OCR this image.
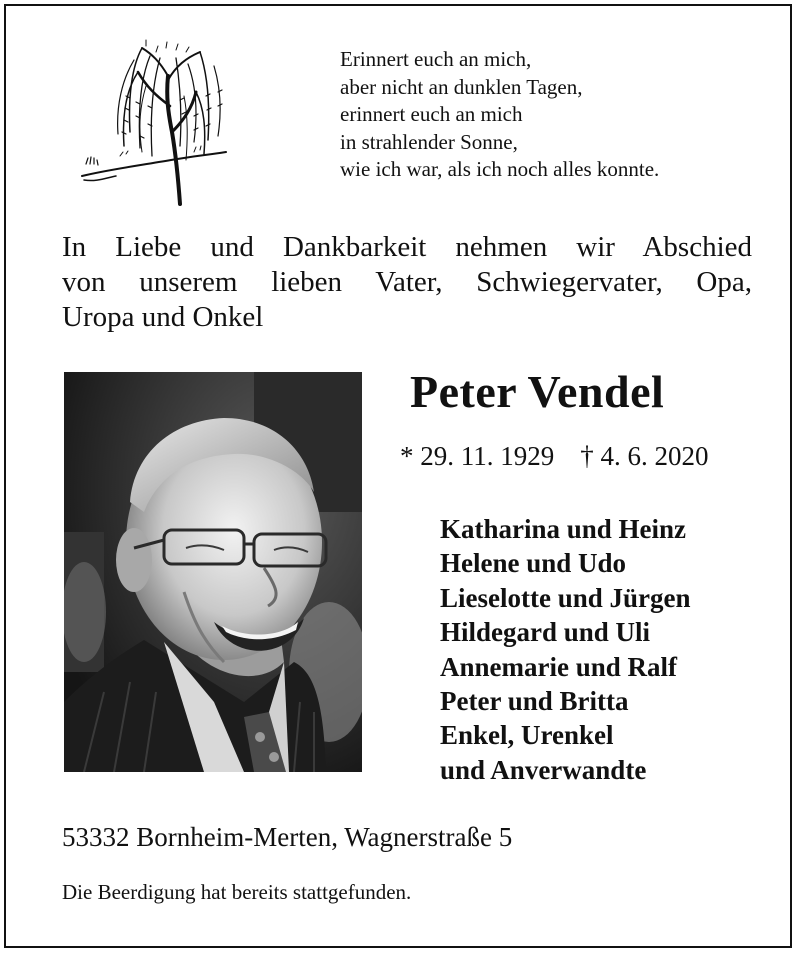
Erinnert euch an mich,
aber nicht an dunklen Tagen,
erinnert euch an mich
in strahlender Sonne,
wie ich war, als ich noch alles konnte.
In Liebe und Dankbarkeit nehmen wir Abschied
von unserem lieben Vater, Schwiegervater, Opa,
Uropa und Onkel
Peter Vendel
* 29. 11. 1929 † 4. 6. 2020
Katharina und Heinz
Helene und Udo
Lieselotte und Jürgen
Hildegard und Uli
Annemarie und Ralf
Peter und Britta
Enkel, Urenkel
und Anverwandte
53332 Bornheim-Merten, Wagnerstraße 5
Die Beerdigung hat bereits stattgefunden.
